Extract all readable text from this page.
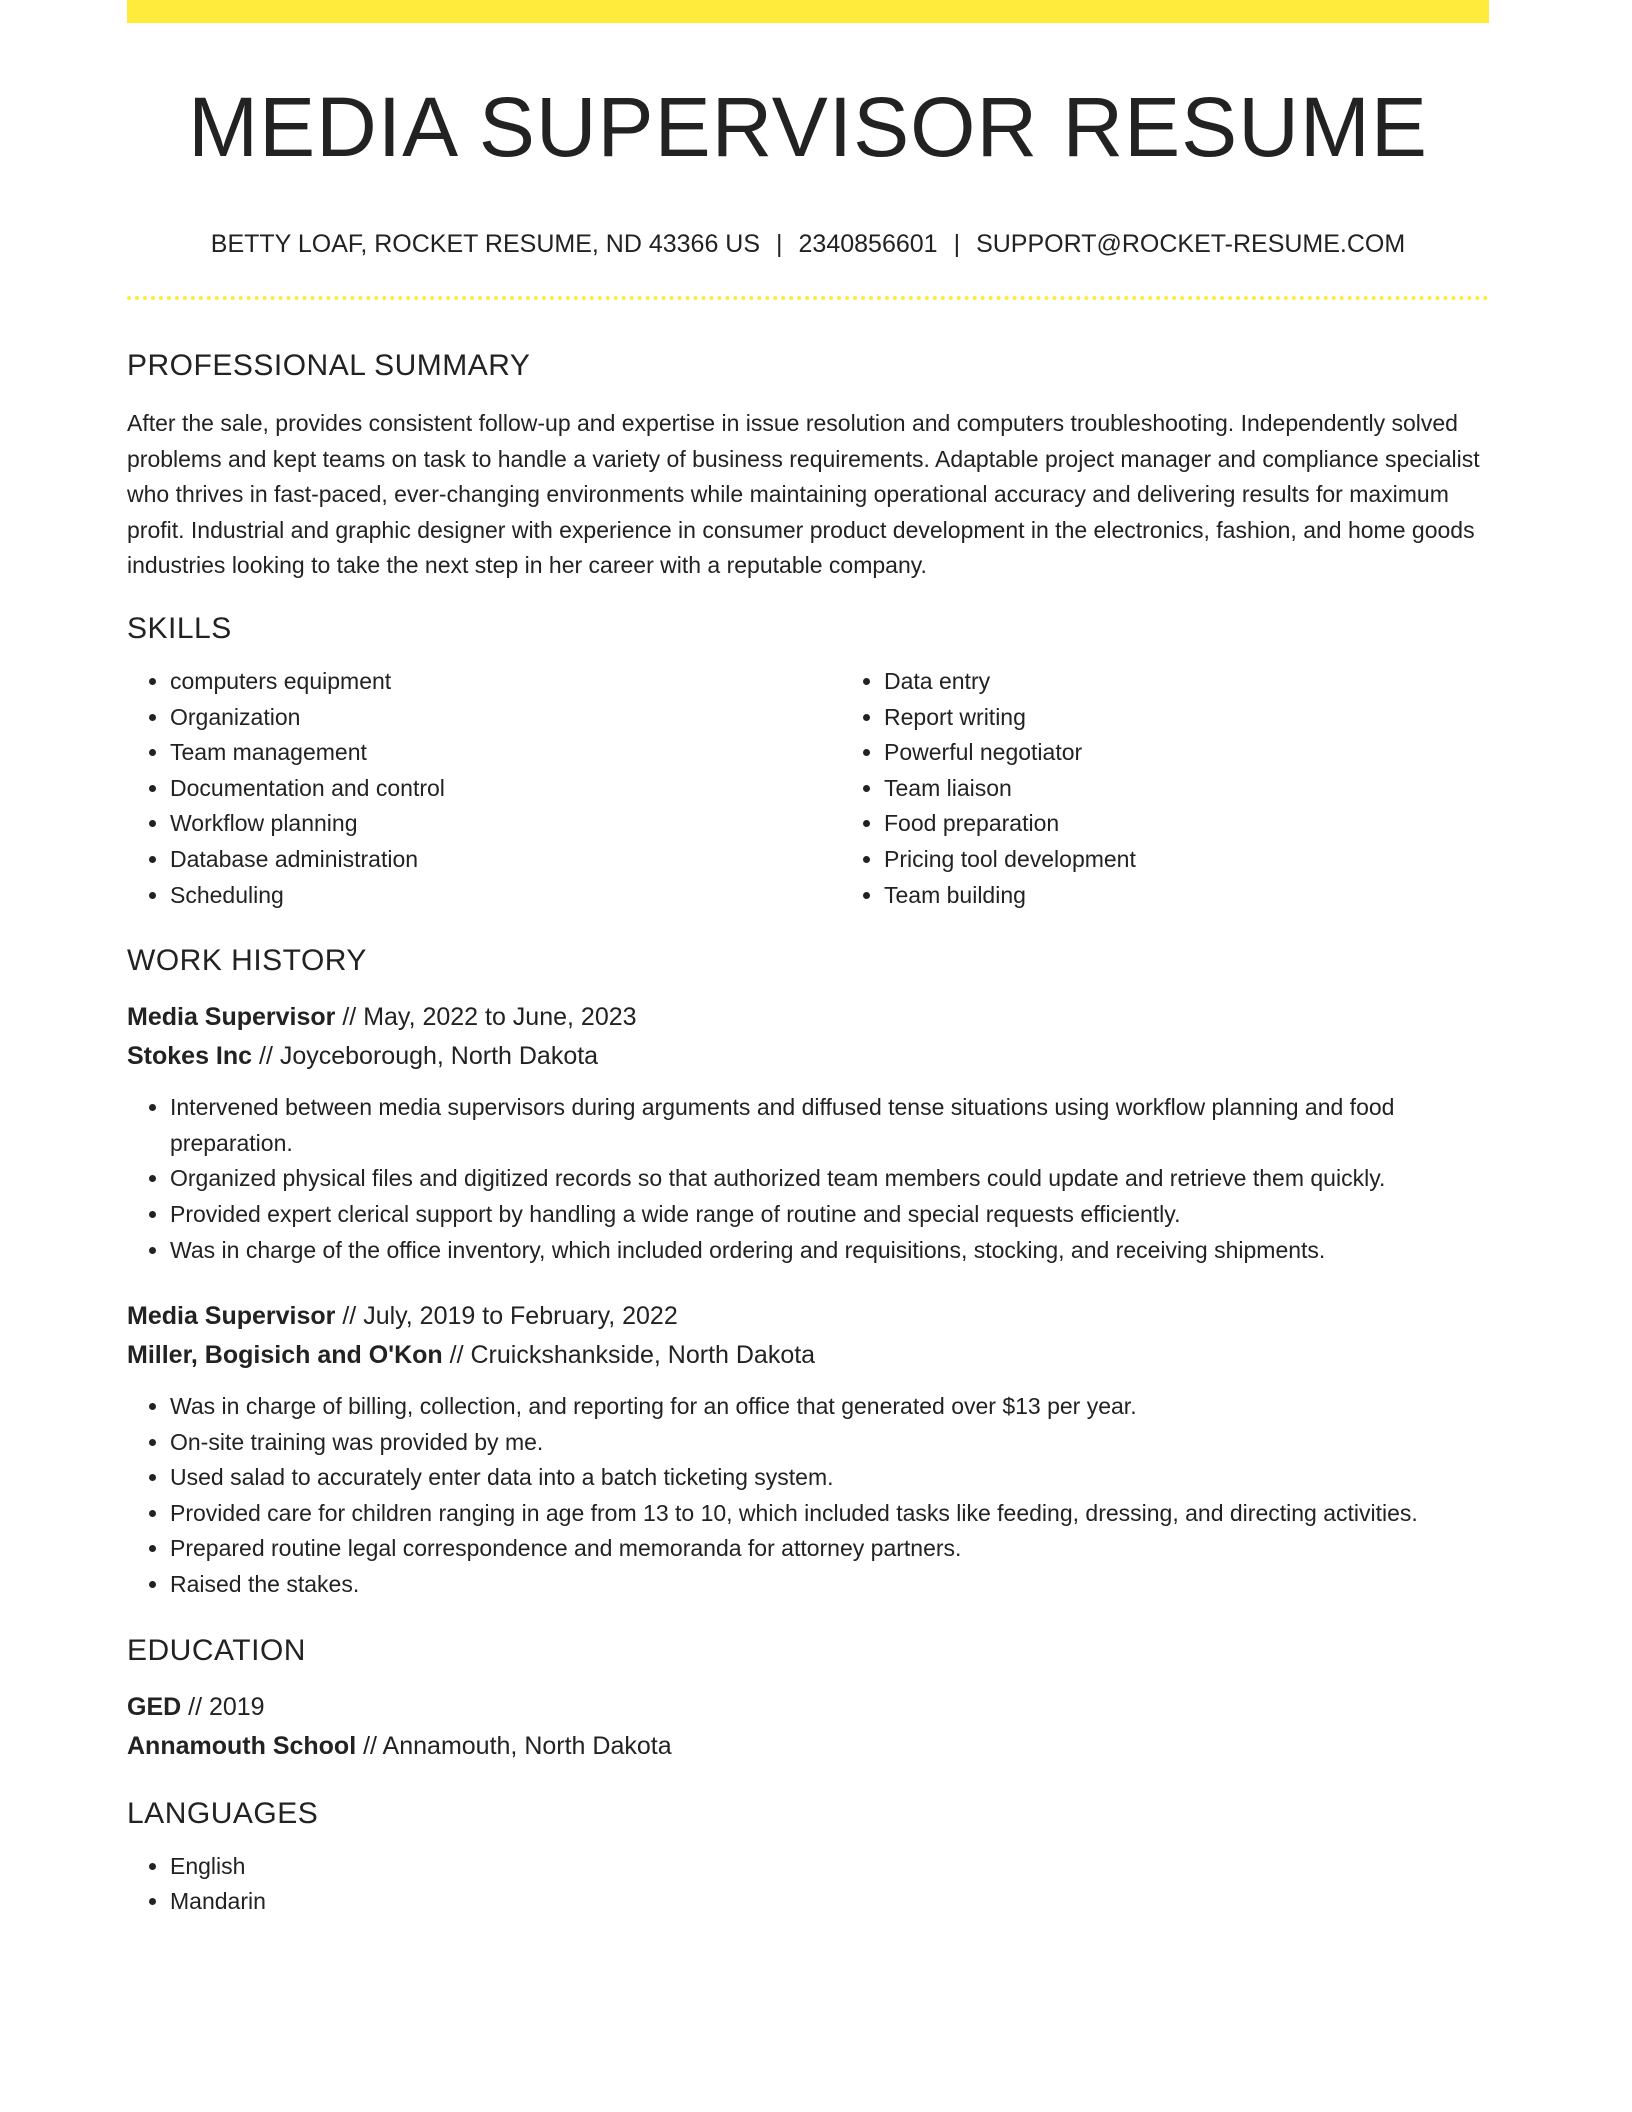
MEDIA SUPERVISOR RESUME
BETTY LOAF, ROCKET RESUME, ND 43366 US | 2340856601 | SUPPORT@ROCKET-RESUME.COM
PROFESSIONAL SUMMARY

After the sale, provides consistent follow-up and expertise in issue resolution and computers troubleshooting. Independently solved problems and kept teams on task to handle a variety of business requirements. Adaptable project manager and compliance specialist who thrives in fast-paced, ever-changing environments while maintaining operational accuracy and delivering results for maximum profit. Industrial and graphic designer with experience in consumer product development in the electronics, fashion, and home goods industries looking to take the next step in her career with a reputable company.

SKILLS
• computers equipment
• Organization
• Team management
• Documentation and control
• Workflow planning
• Database administration
• Scheduling
• Data entry
• Report writing
• Powerful negotiator
• Team liaison
• Food preparation
• Pricing tool development
• Team building
WORK HISTORY
Media Supervisor // May, 2022 to June, 2023
Stokes Inc // Joyceborough, North Dakota
• Intervened between media supervisors during arguments and diffused tense situations using workflow planning and food preparation.
• Organized physical files and digitized records so that authorized team members could update and retrieve them quickly.
• Provided expert clerical support by handling a wide range of routine and special requests efficiently.
• Was in charge of the office inventory, which included ordering and requisitions, stocking, and receiving shipments.
Media Supervisor // July, 2019 to February, 2022
Miller, Bogisich and O'Kon // Cruickshankside, North Dakota
• Was in charge of billing, collection, and reporting for an office that generated over $13 per year.
• On-site training was provided by me.
• Used salad to accurately enter data into a batch ticketing system.
• Provided care for children ranging in age from 13 to 10, which included tasks like feeding, dressing, and directing activities.
• Prepared routine legal correspondence and memoranda for attorney partners.
• Raised the stakes.
EDUCATION
GED // 2019
Annamouth School // Annamouth, North Dakota
LANGUAGES
• English
• Mandarin
